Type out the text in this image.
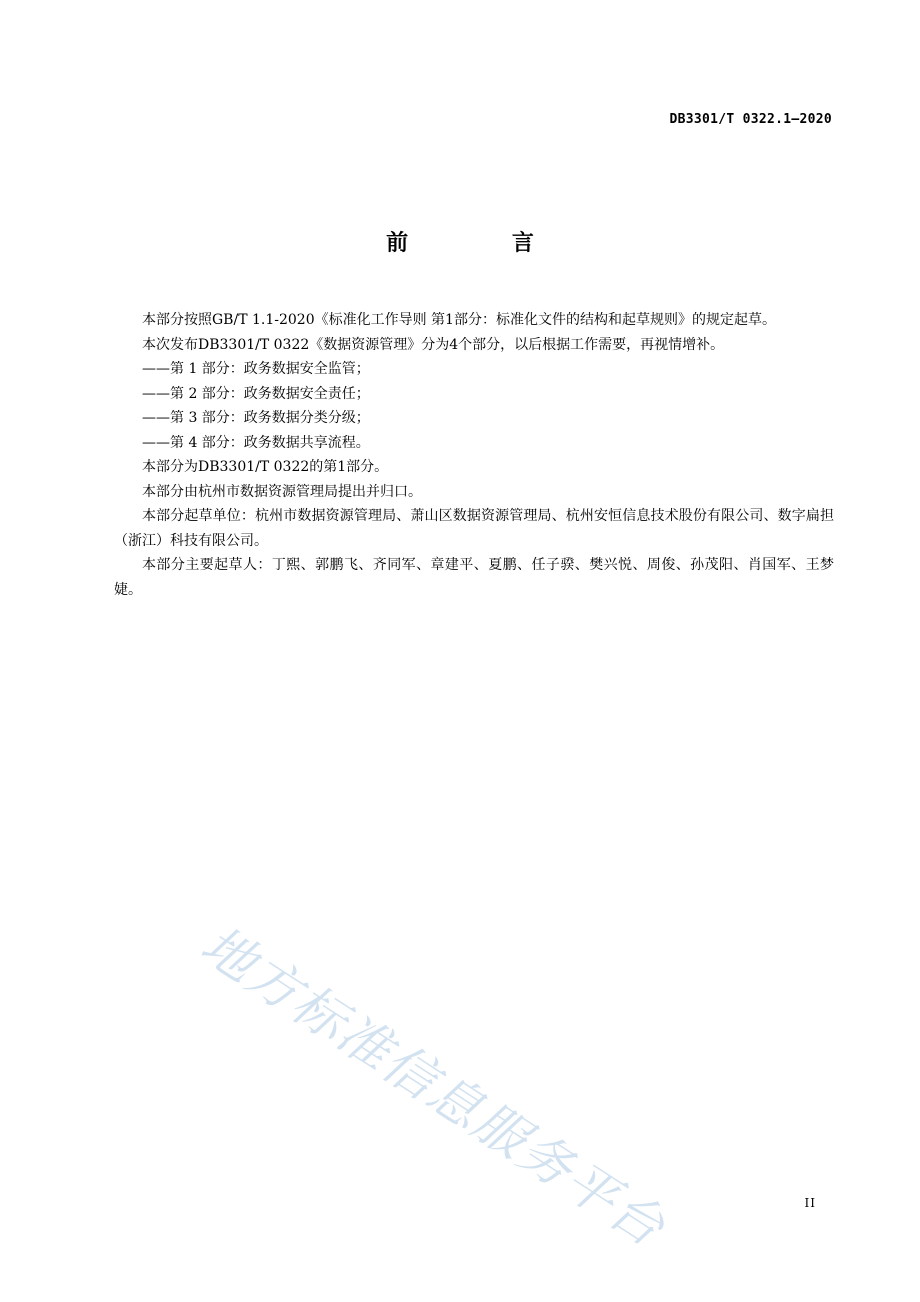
DB3301/T 0322.1—2020
前 言

本部分按照GB/T 1.1-2020《标准化工作导则 第1部分：标准化文件的结构和起草规则》的规定起草。

本次发布DB3301/T 0322《数据资源管理》分为4个部分，以后根据工作需要，再视情增补。

——第 1 部分：政务数据安全监管；

——第 2 部分：政务数据安全责任；

——第 3 部分：政务数据分类分级；

——第 4 部分：政务数据共享流程。

本部分为DB3301/T 0322的第1部分。

本部分由杭州市数据资源管理局提出并归口。

本部分起草单位：杭州市数据资源管理局、萧山区数据资源管理局、杭州安恒信息技术股份有限公司、数字扁担（浙江）科技有限公司。

本部分主要起草人：丁熙、郭鹏飞、齐同军、章建平、夏鹏、任子骙、樊兴悦、周俊、孙茂阳、肖国军、王梦婕。

地方标准信息服务平台	II
